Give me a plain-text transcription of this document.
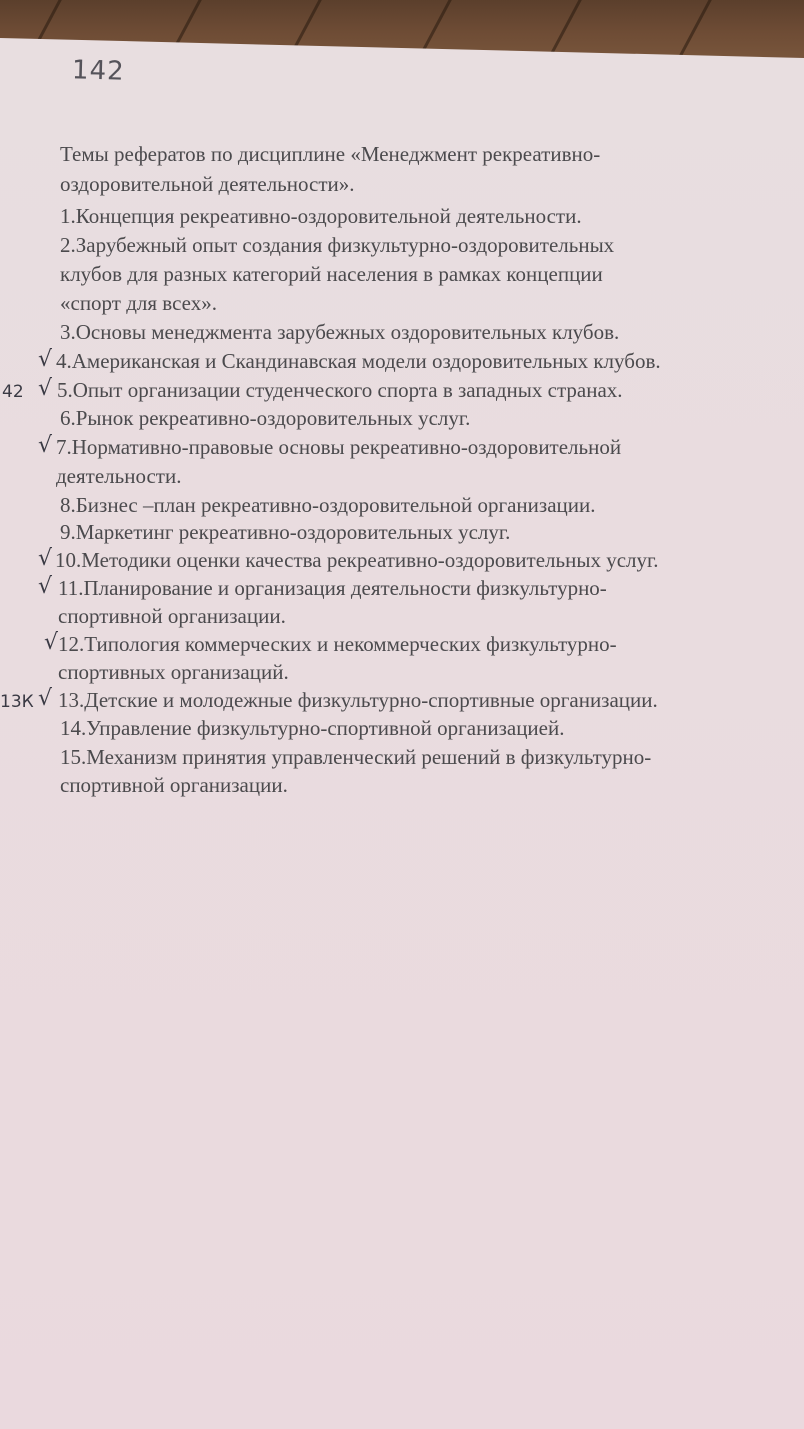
142
Темы рефератов по дисциплине «Менеджмент рекреативно-
оздоровительной деятельности».
1.Концепция рекреативно-оздоровительной деятельности.
2.Зарубежный опыт создания физкультурно-оздоровительных
клубов для разных категорий населения в рамках концепции
«спорт для всех».
3.Основы менеджмента зарубежных оздоровительных клубов.
√ 4.Американская и Скандинавская модели оздоровительных клубов.
42 √ 5.Опыт организации студенческого спорта в западных странах.
6.Рынок рекреативно-оздоровительных услуг.
√ 7.Нормативно-правовые основы рекреативно-оздоровительной
деятельности.
8.Бизнес –план рекреативно-оздоровительной организации.
9.Маркетинг рекреативно-оздоровительных услуг.
√ 10.Методики оценки качества рекреативно-оздоровительных услуг.
√ 11.Планирование и организация деятельности физкультурно-
спортивной организации.
√ 12.Типология коммерческих и некоммерческих физкультурно-
спортивных организаций.
13К √ 13.Детские и молодежные физкультурно-спортивные организации.
14.Управление физкультурно-спортивной организацией.
15.Механизм принятия управленческий решений в физкультурно-
спортивной организации.
